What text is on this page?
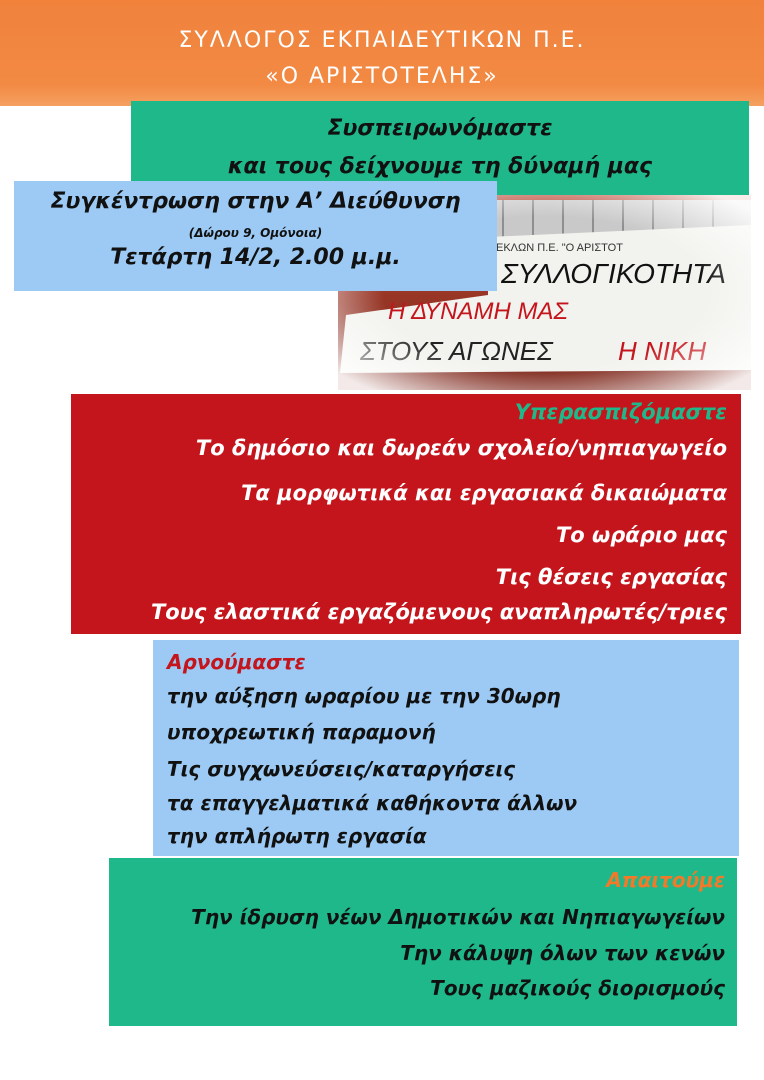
ΣΥΛΛΟΓΟΣ ΕΚΠΑΙΔΕΥΤΙΚΩΝ Π.Ε.
«Ο ΑΡΙΣΤΟΤΕΛΗΣ»
Συσπειρωνόμαστε
και τους δείχνουμε τη δύναμή μας
Συγκέντρωση στην Α’ Διεύθυνση
(Δώρου 9, Ομόνοια)
Τετάρτη 14/2, 2.00 μ.μ.
Υπερασπιζόμαστε
Το δημόσιο και δωρεάν σχολείο/νηπιαγωγείο
Τα μορφωτικά και εργασιακά δικαιώματα
Το ωράριο μας
Τις θέσεις εργασίας
Τους ελαστικά εργαζόμενους αναπληρωτές/τριες
Αρνούμαστε
την αύξηση ωραρίου με την 30ωρη
υποχρεωτική παραμονή
Τις συγχωνεύσεις/καταργήσεις
τα επαγγελματικά καθήκοντα άλλων
την απλήρωτη εργασία
Απαιτούμε
Την ίδρυση νέων Δημοτικών και Νηπιαγωγείων
Την κάλυψη όλων των κενών
Τους μαζικούς διορισμούς
